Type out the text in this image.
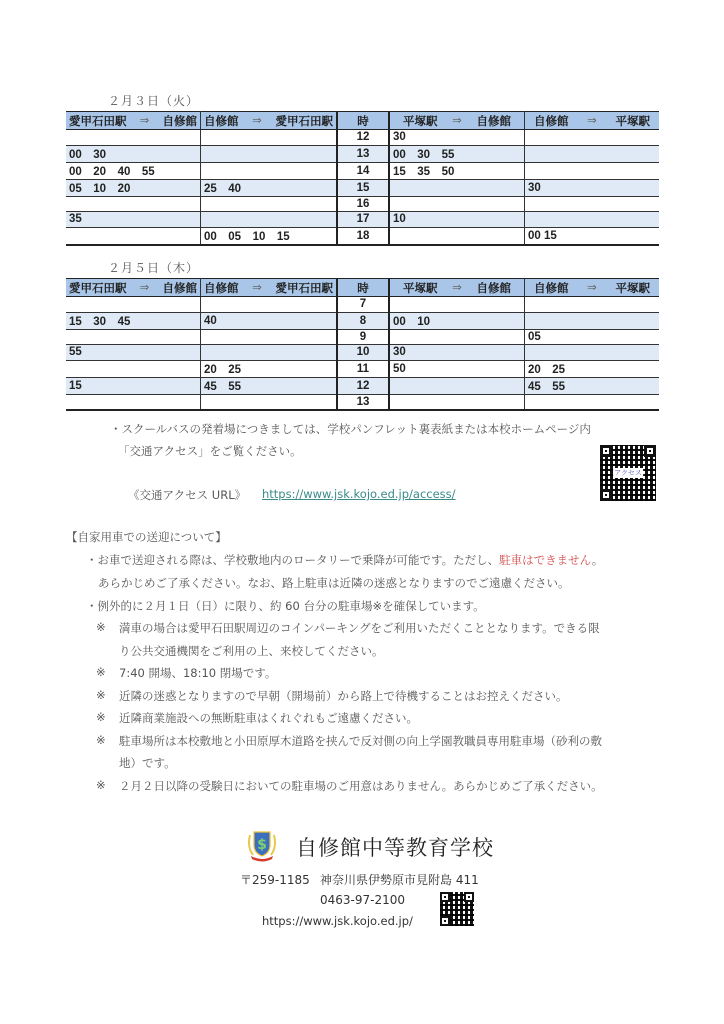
２月３日（火）
愛甲石田駅 ⇒ 自修館	自修館 ⇒ 愛甲石田駅	時	平塚駅 ⇒ 自修館	自修館 ⇒ 平塚駅

		12	30	
00　30		13	00　30　55	
00　20　40　55		14	15　35　50	
05　10　20	25　40	15		30
		16		
35		17	10	
	00　05　10　15	18		00 15
２月５日（木）
愛甲石田駅 ⇒ 自修館	自修館 ⇒ 愛甲石田駅	時	平塚駅 ⇒ 自修館	自修館 ⇒ 平塚駅

		7		
15　30　45	40	8	00　10	
		9		05
55		10	30	
	20　25	11	50	20　25
15	45　55	12		45　55
		13		
・スクールバスの発着場につきましては、学校パンフレット裏表紙または本校ホームページ内
「交通アクセス」をご覧ください。
《交通アクセス URL》 https://www.jsk.kojo.ed.jp/access/
アクセス
【自家用車での送迎について】
・お車で送迎される際は、学校敷地内のロータリーで乗降が可能です。ただし、駐車はできません。
あらかじめご了承ください。なお、路上駐車は近隣の迷惑となりますのでご遠慮ください。
・例外的に２月１日（日）に限り、約 60 台分の駐車場※を確保しています。
※ 満車の場合は愛甲石田駅周辺のコインパーキングをご利用いただくこととなります。できる限
り公共交通機関をご利用の上、来校してください。
※ 7:40 開場、18:10 閉場です。
※ 近隣の迷惑となりますので早朝（開場前）から路上で待機することはお控えください。
※ 近隣商業施設への無断駐車はくれぐれもご遠慮ください。
※ 駐車場所は本校敷地と小田原厚木道路を挟んで反対側の向上学園教職員専用駐車場（砂利の敷
地）です。
※ ２月２日以降の受験日においての駐車場のご用意はありません。あらかじめご了承ください。
$ 自修館中等教育学校
〒259-1185 神奈川県伊勢原市見附島 411
0463-97-2100
https://www.jsk.kojo.ed.jp/
